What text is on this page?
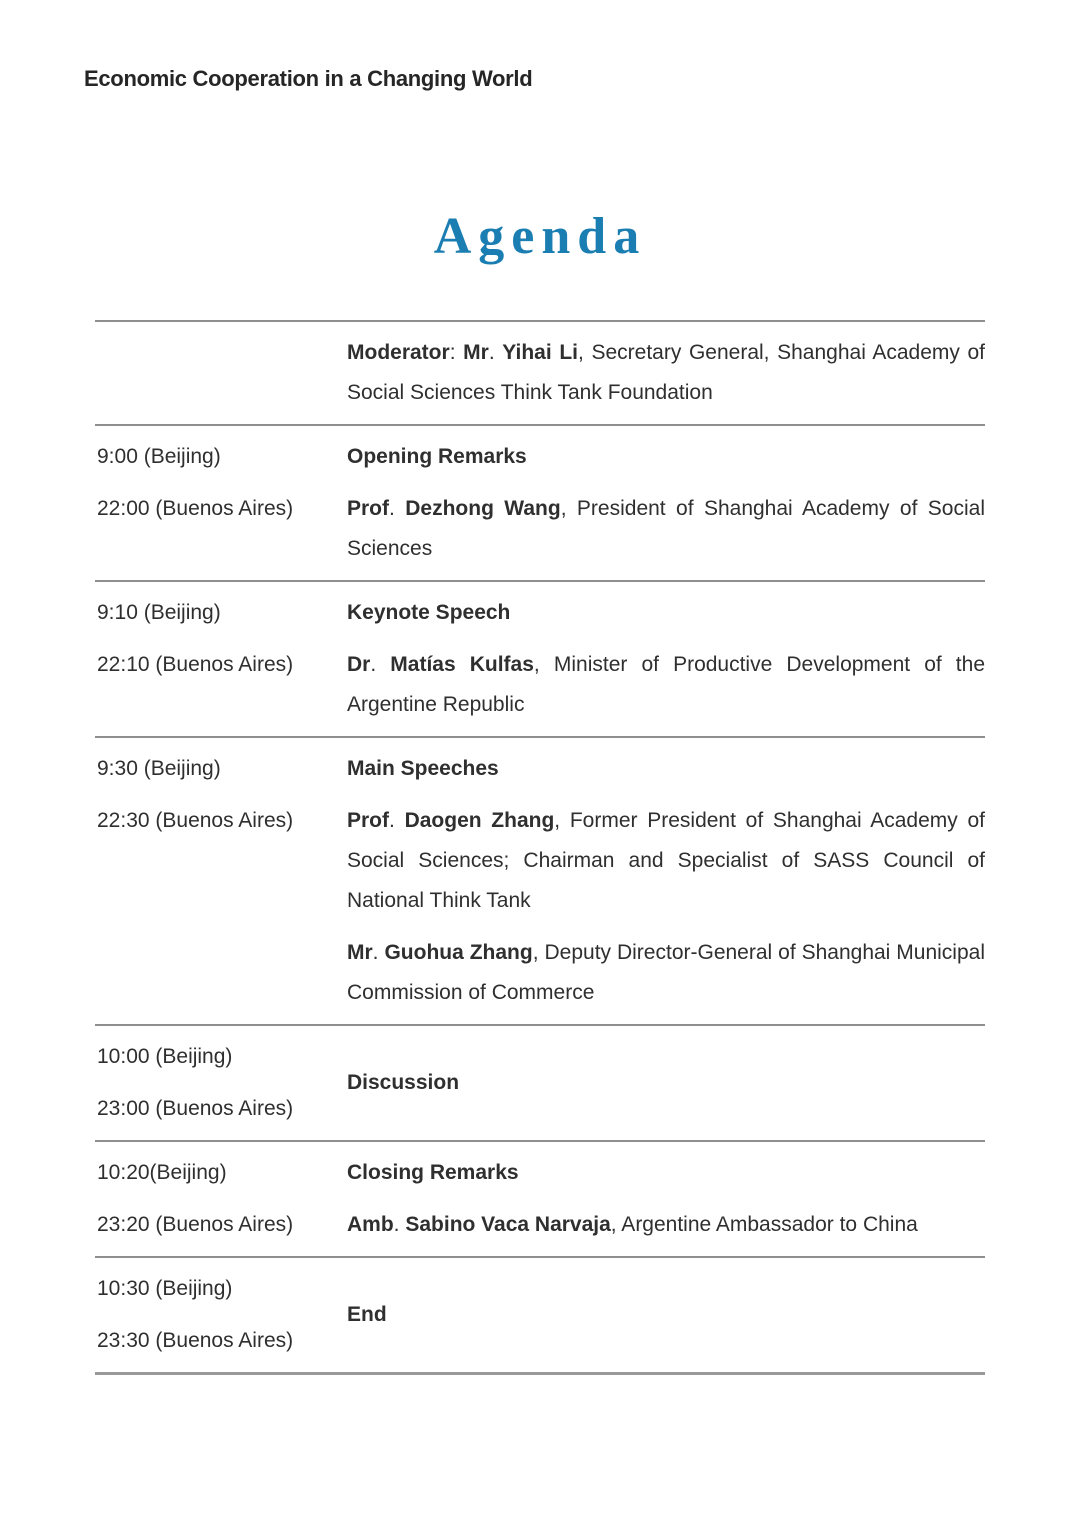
Economic Cooperation in a Changing World
Agenda

Moderator: Mr. Yihai Li, Secretary General, Shanghai Academy of Social Sciences Think Tank Foundation

9:00 (Beijing)
22:00 (Buenos Aires)

Opening Remarks

Prof. Dezhong Wang, President of Shanghai Academy of Social Sciences

9:10 (Beijing)
22:10 (Buenos Aires)

Keynote Speech

Dr. Matías Kulfas, Minister of Productive Development of the Argentine Republic

9:30 (Beijing)
22:30 (Buenos Aires)

Main Speeches

Prof. Daogen Zhang, Former President of Shanghai Academy of Social Sciences; Chairman and Specialist of SASS Council of National Think Tank

Mr. Guohua Zhang, Deputy Director-General of Shanghai Municipal Commission of Commerce

10:00 (Beijing)
23:00 (Buenos Aires)

Discussion

10:20(Beijing)
23:20 (Buenos Aires)

Closing Remarks

Amb. Sabino Vaca Narvaja, Argentine Ambassador to China

10:30 (Beijing)
23:30 (Buenos Aires)

End
